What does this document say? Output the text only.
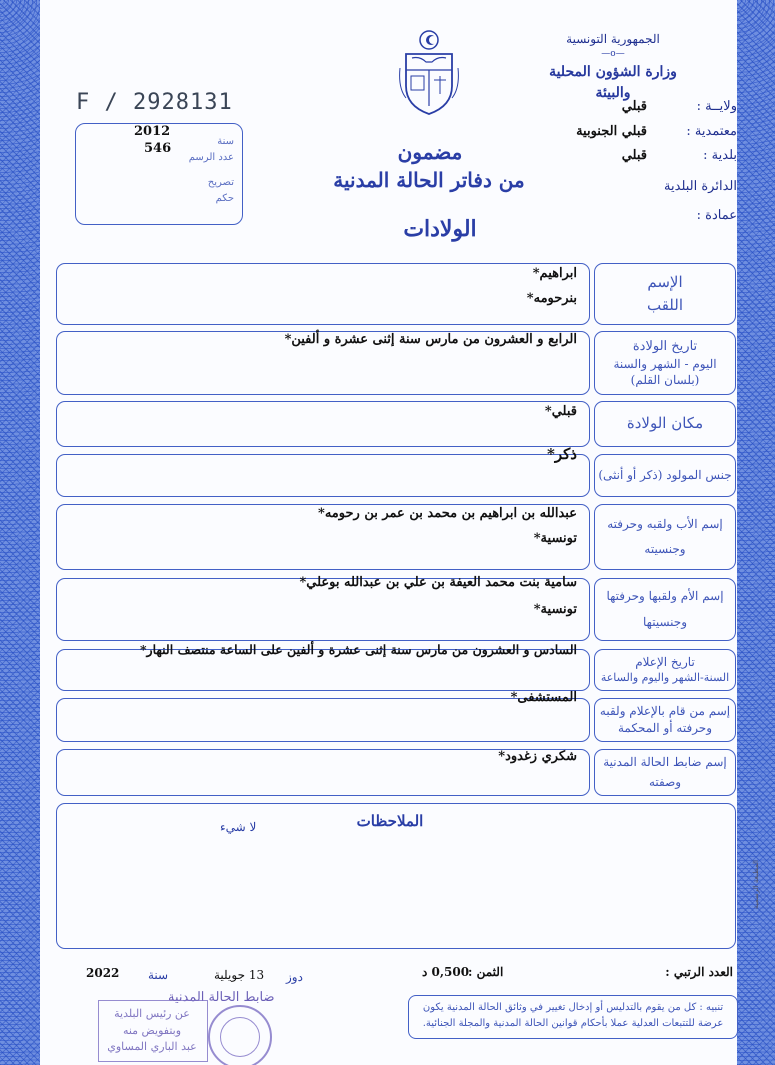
الجمهورية التونسية
—o—
وزارة الشؤون المحلية
والبيئة
ولايــة :
قبلي
معتمدية :
قبلي الجنوبية
بلدية :
قبلي
الدائرة البلدية
عمادة :
F / 2928131
2012
546	سنة
عدد الرسم
تصريح
حكم
مضمون
من دفاتر الحالة المدنية
الولادات
الإسم
اللقب
ابراهيم*
بنرحومه*
تاريخ الولادة
اليوم - الشهر والسنة
(بلسان القلم)
الرابع و العشرون من مارس سنة إثنى عشرة و ألفين*
مكان الولادة
قبلي*
جنس المولود (ذكر أو أنثى)
ذكر*
إسم الأب ولقبه وحرفته
وجنسيته
عبدالله بن ابراهيم بن محمد بن عمر بن رحومه*
تونسية*
إسم الأم ولقبها وحرفتها
وجنسيتها
سامية بنت محمد العيفة بن علي بن عبدالله بوعلي*
تونسية*
تاريخ الإعلام
السنة-الشهر واليوم والساعة
السادس و العشرون من مارس سنة إثنى عشرة و ألفين على الساعة منتصف النهار*
إسم من قام بالإعلام ولقبه
وحرفته أو المحكمة
المستشفى*
إسم ضابط الحالة المدنية
وصفته
شكري زغدود*
الملاحظات
لا شيء
العدد الرتبي :
الثمن :
0,500 د
دوز
13 جويلية
سنة
2022
ضابط الحالة المدنية
تنبيه : كل من يقوم بالتدليس أو إدخال تغيير في وثائق الحالة المدنية يكون عرضة للتتبعات العدلية عملا بأحكام قوانين الحالة المدنية والمجلة الجنائية.
عن رئيس البلدية
وبتفويض منه
عبد الباري المساوي
المطبعة الرسمية
